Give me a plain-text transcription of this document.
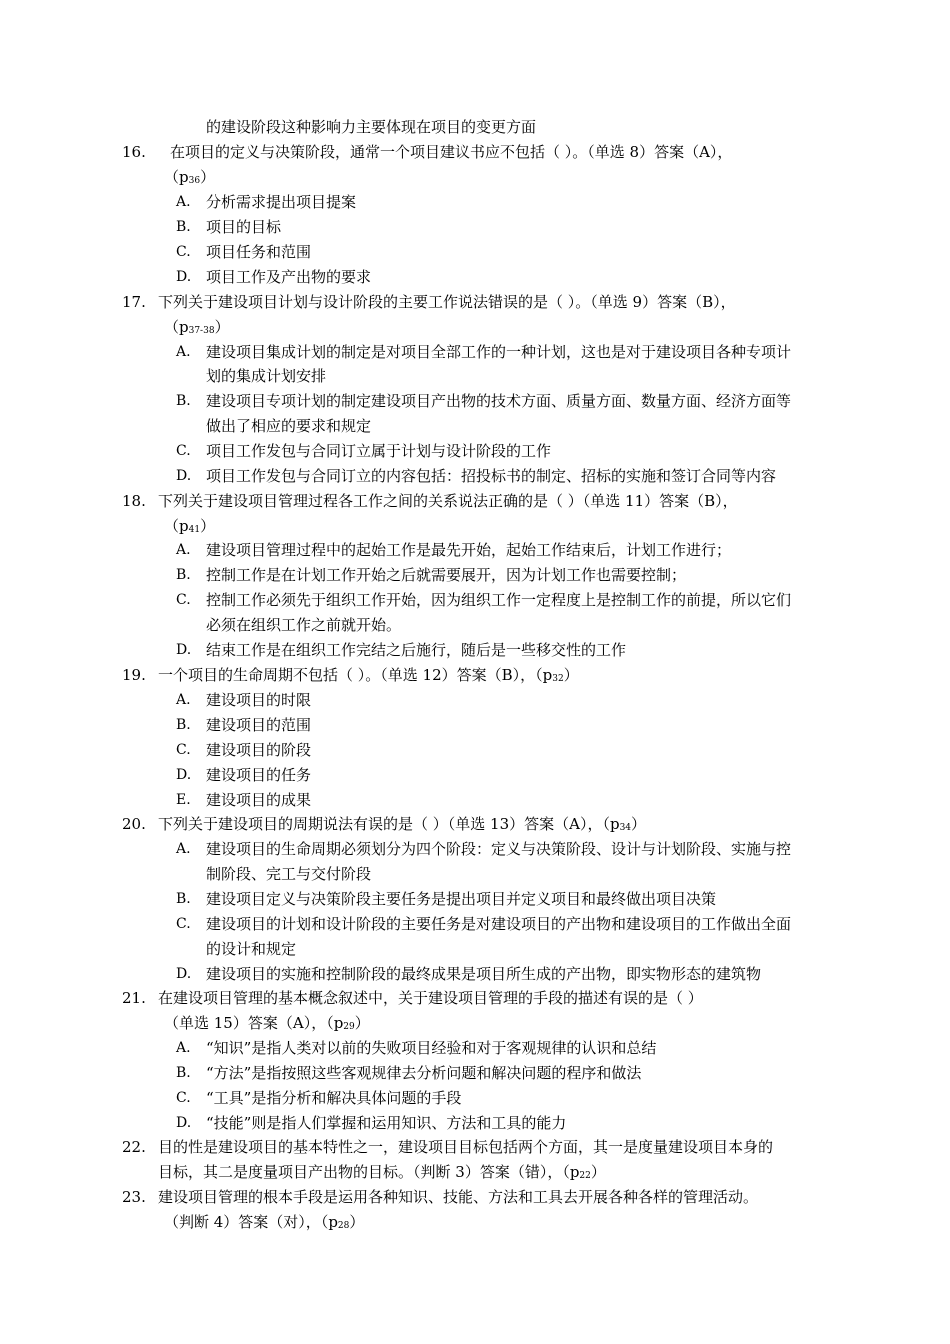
的建设阶段这种影响力主要体现在项目的变更方面
16. 在项目的定义与决策阶段，通常一个项目建议书应不包括（ ）。（单选 8）答案（A），
$(p_{36})$
A. 分析需求提出项目提案
B. 项目的目标
C. 项目任务和范围
D. 项目工作及产出物的要求
17. 下列关于建设项目计划与设计阶段的主要工作说法错误的是（ ）。（单选 9）答案（B），
$(p_{37-38})$
A. 建设项目集成计划的制定是对项目全部工作的一种计划，这也是对于建设项目各种专项计
划的集成计划安排
B. 建设项目专项计划的制定建设项目产出物的技术方面、质量方面、数量方面、经济方面等
做出了相应的要求和规定
C. 项目工作发包与合同订立属于计划与设计阶段的工作
D. 项目工作发包与合同订立的内容包括：招投标书的制定、招标的实施和签订合同等内容
18. 下列关于建设项目管理过程各工作之间的关系说法正确的是（ ）（单选 11）答案（B），
$(p_{41})$
A. 建设项目管理过程中的起始工作是最先开始，起始工作结束后，计划工作进行；
B. 控制工作是在计划工作开始之后就需要展开，因为计划工作也需要控制；
C. 控制工作必须先于组织工作开始，因为组织工作一定程度上是控制工作的前提，所以它们
必须在组织工作之前就开始。
D. 结束工作是在组织工作完结之后施行，随后是一些移交性的工作
19. 一个项目的生命周期不包括（ ）。（单选 12）答案（B），$(p_{32})$
A. 建设项目的时限
B. 建设项目的范围
C. 建设项目的阶段
D. 建设项目的任务
E. 建设项目的成果
20. 下列关于建设项目的周期说法有误的是（ ）（单选 13）答案（A），$(p_{34})$
A. 建设项目的生命周期必须划分为四个阶段：定义与决策阶段、设计与计划阶段、实施与控
制阶段、完工与交付阶段
B. 建设项目定义与决策阶段主要任务是提出项目并定义项目和最终做出项目决策
C. 建设项目的计划和设计阶段的主要任务是对建设项目的产出物和建设项目的工作做出全面
的设计和规定
D. 建设项目的实施和控制阶段的最终成果是项目所生成的产出物，即实物形态的建筑物
21. 在建设项目管理的基本概念叙述中，关于建设项目管理的手段的描述有误的是（ ）
（单选 15）答案（A），$(p_{29})$
A. “知识”是指人类对以前的失败项目经验和对于客观规律的认识和总结
B. “方法”是指按照这些客观规律去分析问题和解决问题的程序和做法
C. “工具”是指分析和解决具体问题的手段
D. “技能”则是指人们掌握和运用知识、方法和工具的能力
22. 目的性是建设项目的基本特性之一，建设项目目标包括两个方面，其一是度量建设项目本身的
目标，其二是度量项目产出物的目标。（判断 3）答案（错），$(p_{22})$
23. 建设项目管理的根本手段是运用各种知识、技能、方法和工具去开展各种各样的管理活动。
（判断 4）答案（对），$(p_{28})$
